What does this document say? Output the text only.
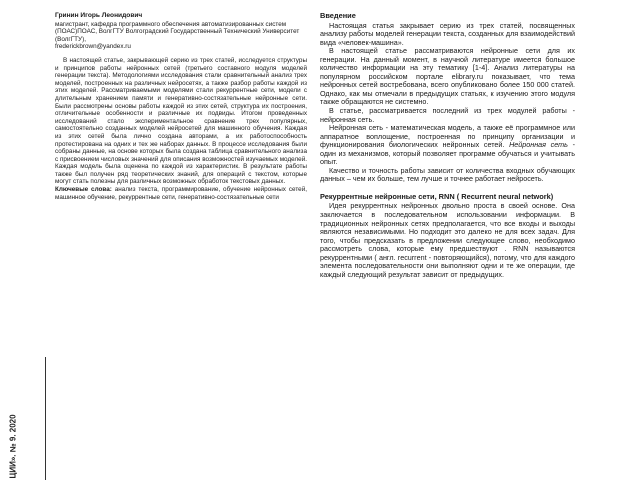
ЦИИ». № 9. 2020
Гринин Игорь Леонидович
магистрант, кафедра программного обеспечения автоматизированных систем (ПОАС)ПОАС, ВолгГТУ Волгоградский Государственный Технический Университет (ВолгГТУ),
frederickbrown@yandex.ru

В настоящей статье, закрывающей серию из трех статей, исследуется структуры и принципов работы нейронных сетей (третьего составного модуля моделей генерации текста). Методологиями исследования стали сравнительный анализ трех моделей, построенных на различных нейросетях, а также разбор работы каждой из этих моделей. Рассматриваемыми моделями стали рекуррентные сети, модели с длительным хранением памяти и генеративно-состязательные нейронные сети. Были рассмотрены основы работы каждой из этих сетей, структура их построения, отличительные особенности и различные их подвиды. Итогом проведенных исследований стало экспериментальное сравнение трех популярных, самостоятельно созданных моделей нейросетей для машинного обучения. Каждая из этих сетей была лично создана авторами, а их работоспособность протестирована на одних и тех же наборах данных. В процессе исследования были собраны данные, на основе которых была создана таблица сравнительного анализа с присвоением числовых значений для описания возможностей изучаемых моделей. Каждая модель была оценена по каждой из характеристик. В результате работы также был получен ряд теоретических знаний, для операций с текстом, которые могут стать полезны для различных возможных обработок текстовых данных.

Ключевые слова: анализ текста, программирование, обучение нейронных сетей, машинное обучение, рекуррентные сети, генеративно-состязательные сети

Введение

Настоящая статья закрывает серию из трех статей, посвященных анализу работы моделей генерации текста, созданных для взаимодействий вида «человек-машина».

В настоящей статье рассматриваются нейронные сети для их генерации. На данный момент, в научной литературе имеется большое количество информации на эту тематику [1-4]. Анализ литературы на популярном российском портале elibrary.ru показывает, что тема нейронных сетей востребована, всего опубликовано более 150 000 статей. Однако, как мы отмечали в предыдущих статьях, к изучению этого модуля также обращаются не системно.

В статье, рассматривается последний из трех модулей работы - нейронная сеть.

Нейронная сеть - математическая модель, а также её программное или аппаратное воплощение, построенная по принципу организации и функционирования биологических нейронных сетей. Нейронная сеть - один из механизмов, который позволяет программе обучаться и учитывать опыт.

Качество и точность работы зависит от количества входных обучающих данных – чем их больше, тем лучше и точнее работает нейросеть.

Рекуррентные нейронные сети, RNN ( Recurrent neural network)

Идея рекуррентных нейронных двольно проста в своей основе. Она заключается в последовательном использовании информации. В традиционных нейронных сетях предполагается, что все входы и выходы являются независимыми. Но подходит это далеко не для всех задач. Для того, чтобы предсказать в предложении следующее слово, необходимо рассмотреть слова, которые ему предшествуют . RNN называются рекуррентными ( англ. recurrent - повторяющийся), потому, что для каждого элемента последовательности они выполняют одни и те же операции, где каждый следующий результат зависит от предыдущих.
